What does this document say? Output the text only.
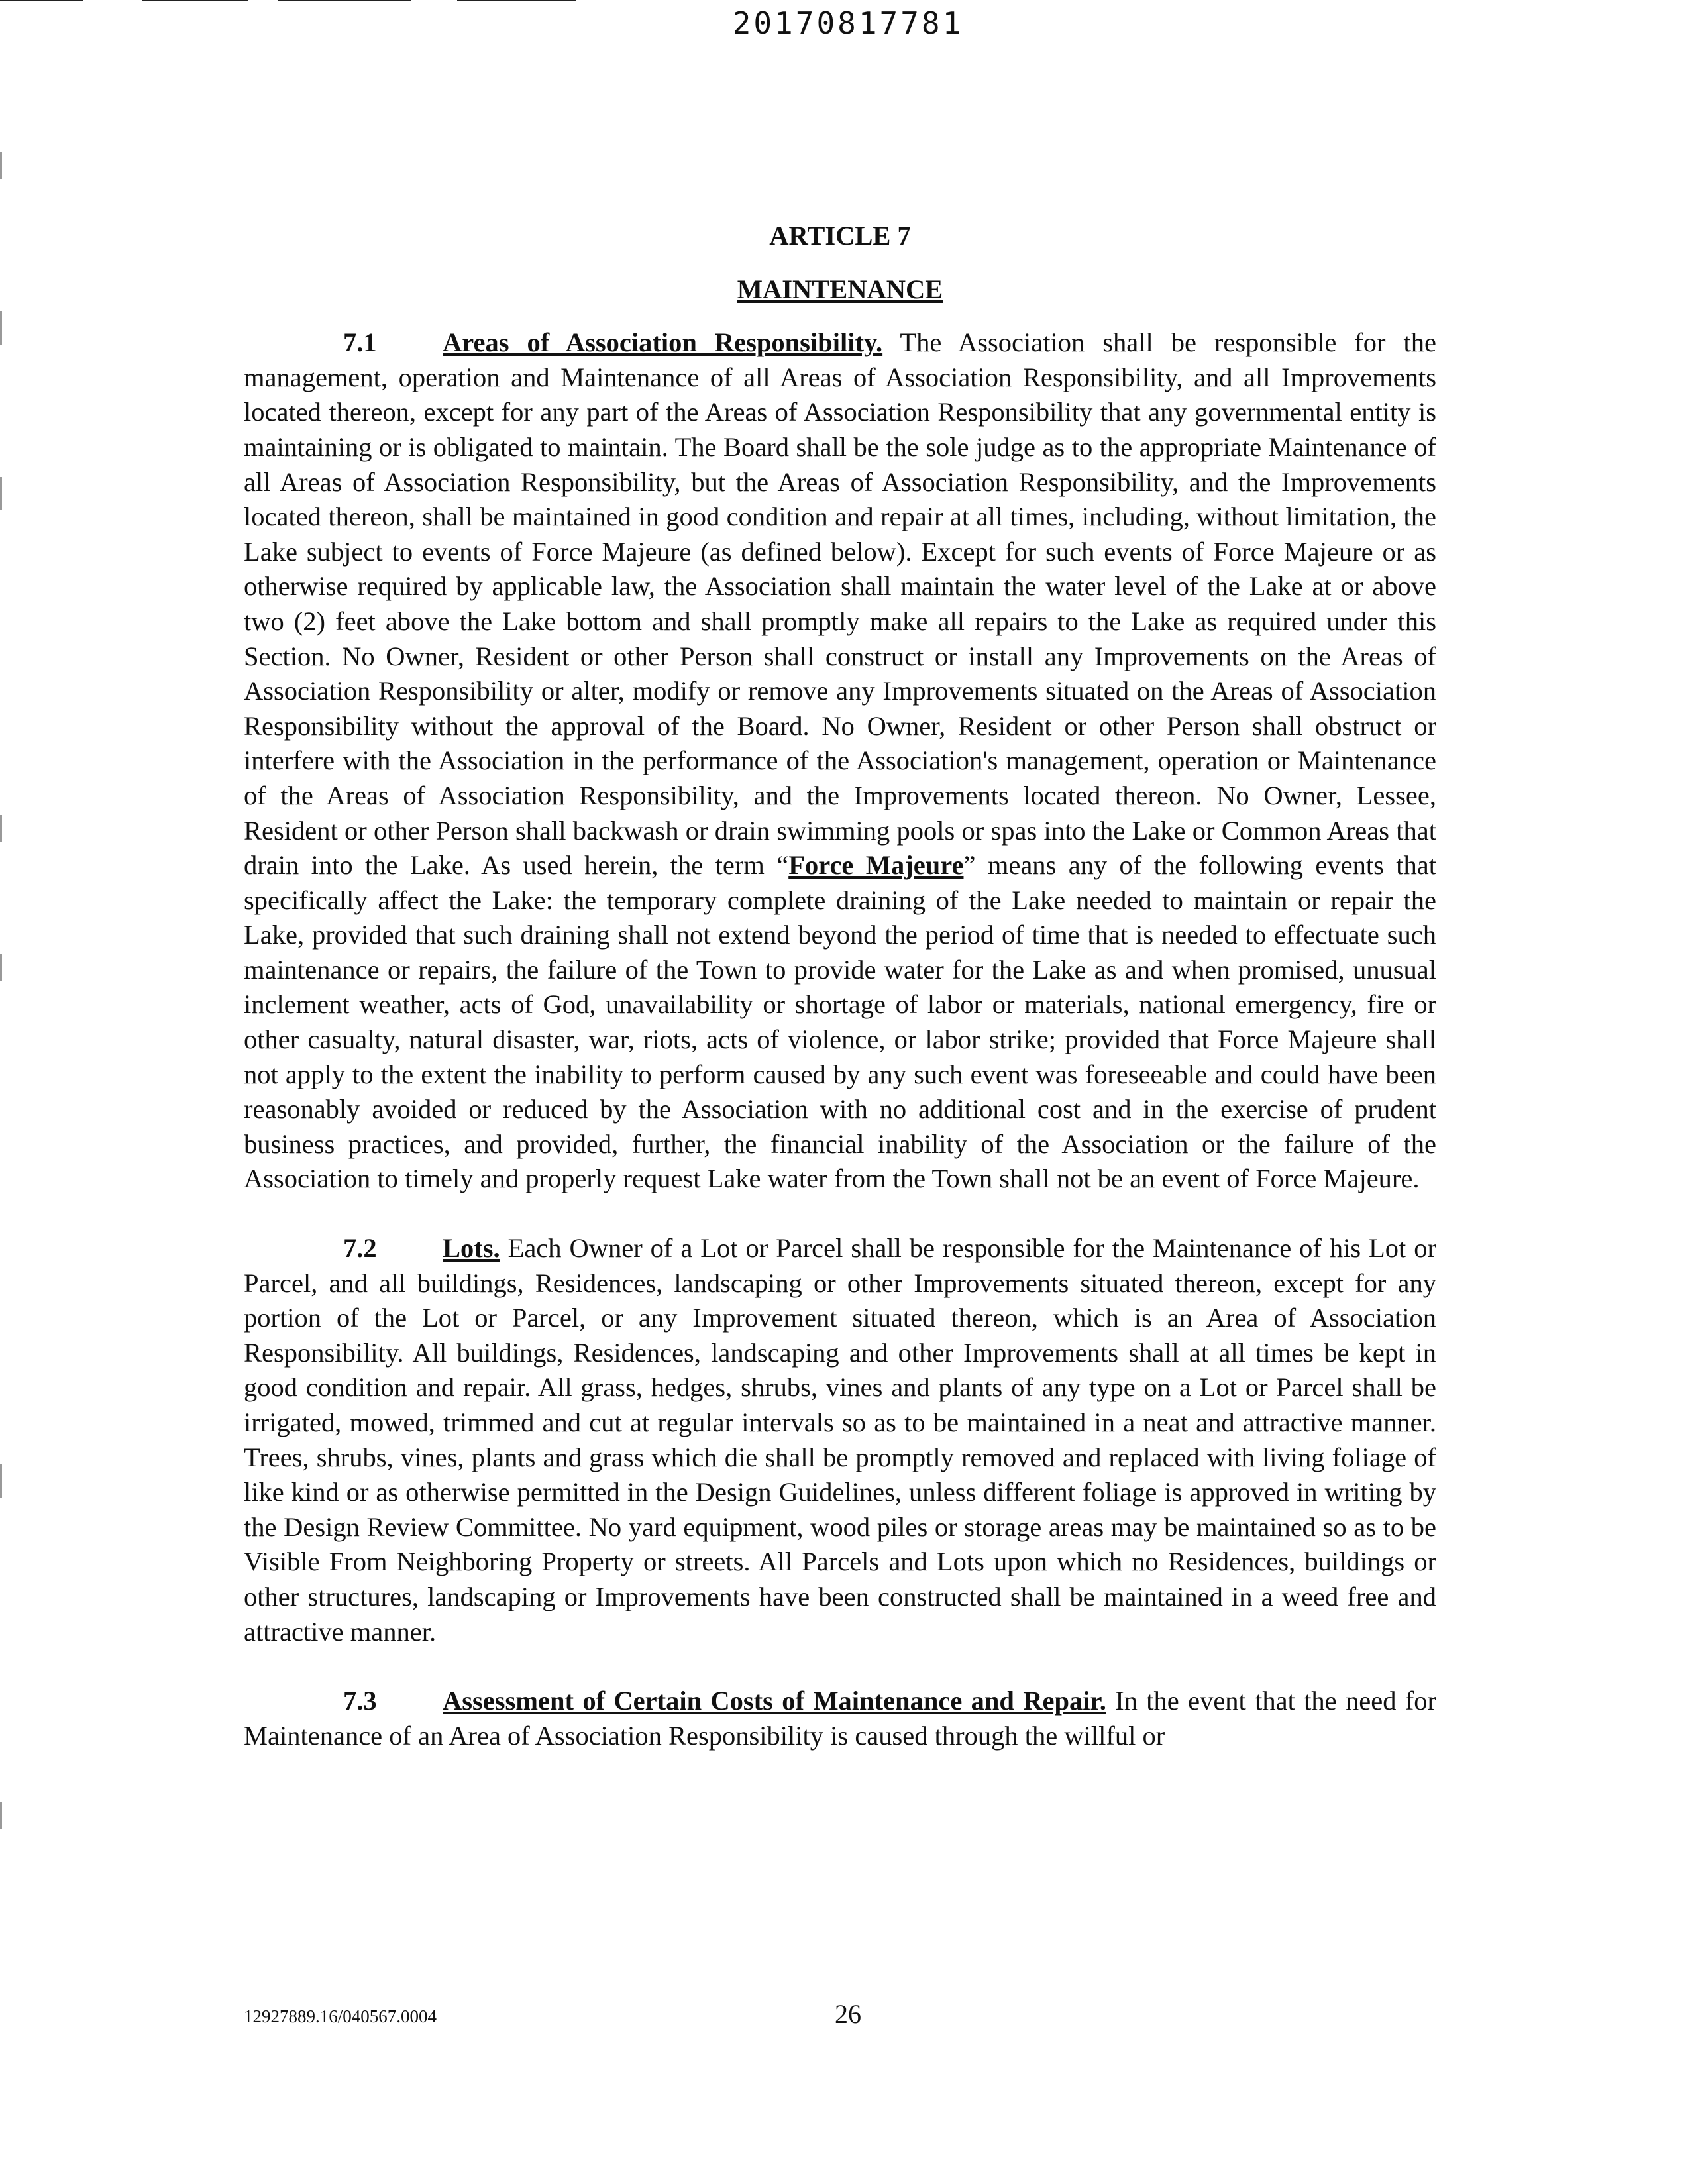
20170817781
ARTICLE 7
MAINTENANCE

7.1 Areas of Association Responsibility. The Association shall be responsible for the management, operation and Maintenance of all Areas of Association Responsibility, and all Improvements located thereon, except for any part of the Areas of Association Responsibility that any governmental entity is maintaining or is obligated to maintain. The Board shall be the sole judge as to the appropriate Maintenance of all Areas of Association Responsibility, but the Areas of Association Responsibility, and the Improvements located thereon, shall be maintained in good condition and repair at all times, including, without limitation, the Lake subject to events of Force Majeure (as defined below). Except for such events of Force Majeure or as otherwise required by applicable law, the Association shall maintain the water level of the Lake at or above two (2) feet above the Lake bottom and shall promptly make all repairs to the Lake as required under this Section. No Owner, Resident or other Person shall construct or install any Improvements on the Areas of Association Responsibility or alter, modify or remove any Improvements situated on the Areas of Association Responsibility without the approval of the Board. No Owner, Resident or other Person shall obstruct or interfere with the Association in the performance of the Association's management, operation or Maintenance of the Areas of Association Responsibility, and the Improvements located thereon. No Owner, Lessee, Resident or other Person shall backwash or drain swimming pools or spas into the Lake or Common Areas that drain into the Lake. As used herein, the term “Force Majeure” means any of the following events that specifically affect the Lake: the temporary complete draining of the Lake needed to maintain or repair the Lake, provided that such draining shall not extend beyond the period of time that is needed to effectuate such maintenance or repairs, the failure of the Town to provide water for the Lake as and when promised, unusual inclement weather, acts of God, unavailability or shortage of labor or materials, national emergency, fire or other casualty, natural disaster, war, riots, acts of violence, or labor strike; provided that Force Majeure shall not apply to the extent the inability to perform caused by any such event was foreseeable and could have been reasonably avoided or reduced by the Association with no additional cost and in the exercise of prudent business practices, and provided, further, the financial inability of the Association or the failure of the Association to timely and properly request Lake water from the Town shall not be an event of Force Majeure.

7.2 Lots. Each Owner of a Lot or Parcel shall be responsible for the Maintenance of his Lot or Parcel, and all buildings, Residences, landscaping or other Improvements situated thereon, except for any portion of the Lot or Parcel, or any Improvement situated thereon, which is an Area of Association Responsibility. All buildings, Residences, landscaping and other Improvements shall at all times be kept in good condition and repair. All grass, hedges, shrubs, vines and plants of any type on a Lot or Parcel shall be irrigated, mowed, trimmed and cut at regular intervals so as to be maintained in a neat and attractive manner. Trees, shrubs, vines, plants and grass which die shall be promptly removed and replaced with living foliage of like kind or as otherwise permitted in the Design Guidelines, unless different foliage is approved in writing by the Design Review Committee. No yard equipment, wood piles or storage areas may be maintained so as to be Visible From Neighboring Property or streets. All Parcels and Lots upon which no Residences, buildings or other structures, landscaping or Improvements have been constructed shall be maintained in a weed free and attractive manner.

7.3 Assessment of Certain Costs of Maintenance and Repair. In the event that the need for Maintenance of an Area of Association Responsibility is caused through the willful or

12927889.16/040567.0004	26
